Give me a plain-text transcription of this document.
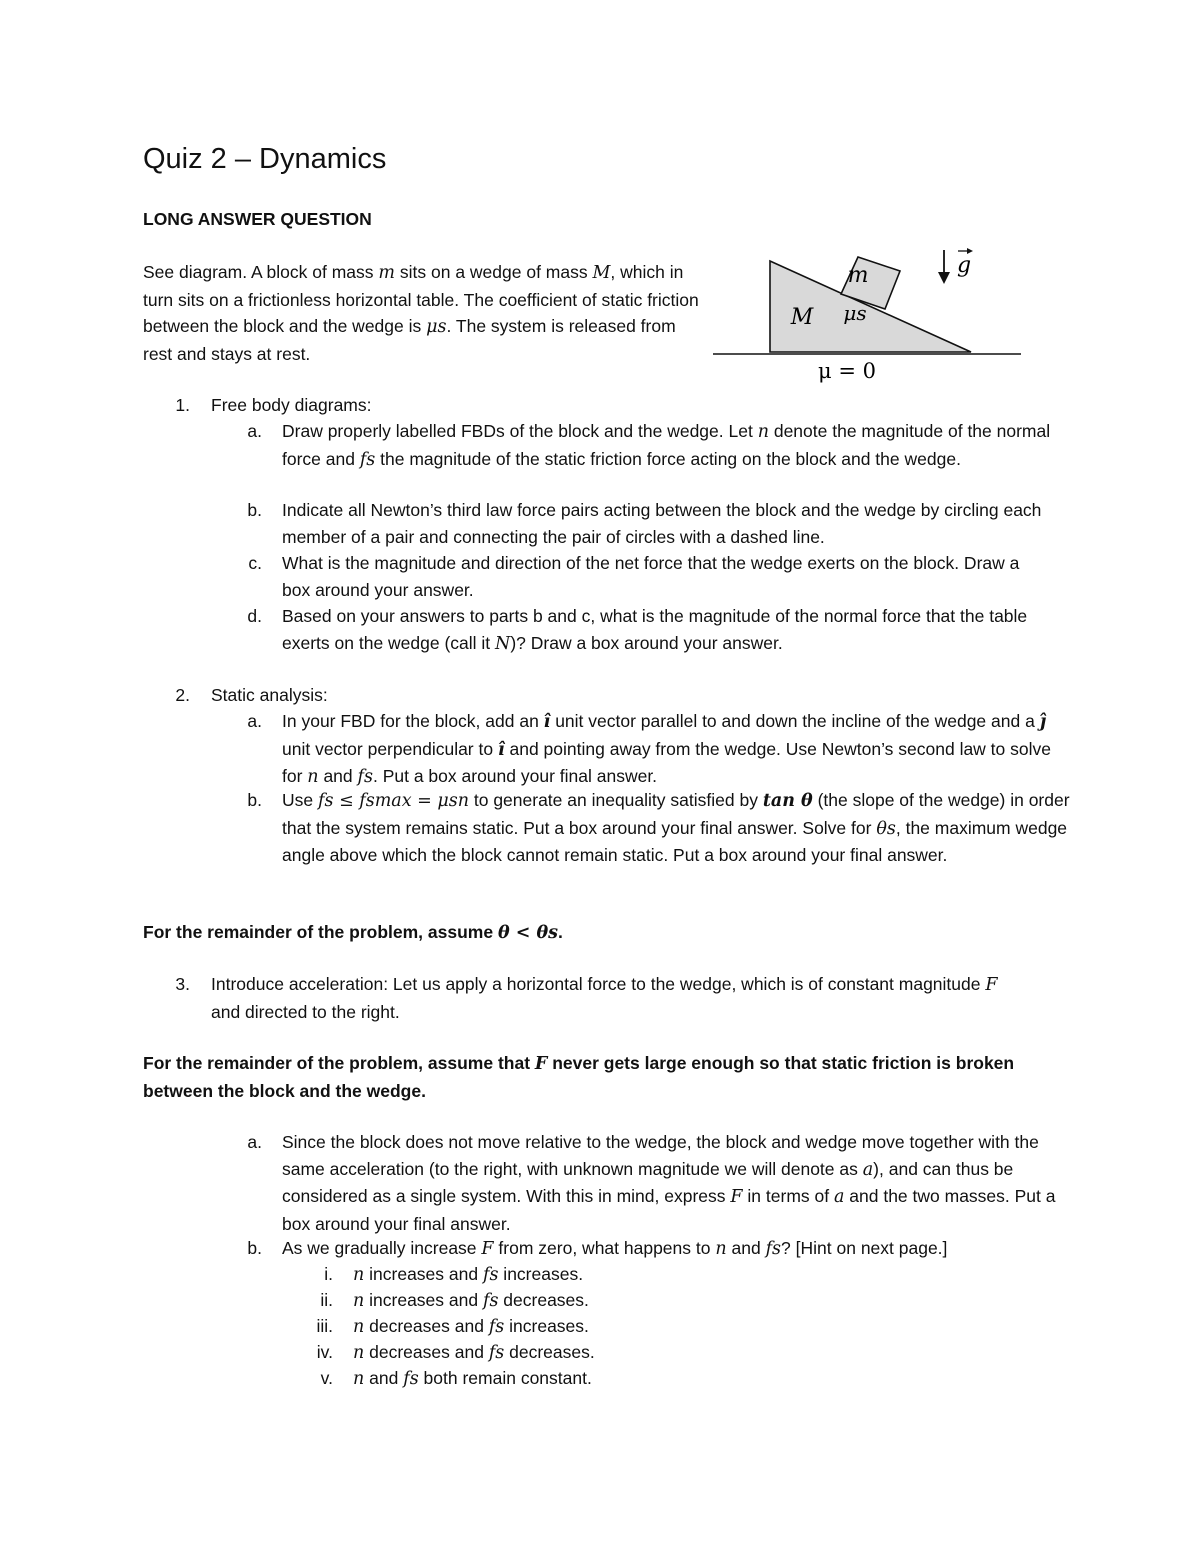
Quiz 2 – Dynamics
LONG ANSWER QUESTION
See diagram. A block of mass m sits on a wedge of mass M, which in turn sits on a frictionless horizontal table. The coefficient of static friction between the block and the wedge is μs. The system is released from rest and stays at rest.
m
M μs
g
μ = 0
1. Free body diagrams:
a. Draw properly labelled FBDs of the block and the wedge. Let n denote the magnitude of the normal force and fs the magnitude of the static friction force acting on the block and the wedge.
b. Indicate all Newton’s third law force pairs acting between the block and the wedge by circling each member of a pair and connecting the pair of circles with a dashed line.
c. What is the magnitude and direction of the net force that the wedge exerts on the block. Draw a box around your answer.
d. Based on your answers to parts b and c, what is the magnitude of the normal force that the table exerts on the wedge (call it N)? Draw a box around your answer.
2. Static analysis:
a. In your FBD for the block, add an î unit vector parallel to and down the incline of the wedge and a ĵ unit vector perpendicular to î and pointing away from the wedge. Use Newton’s second law to solve for n and fs. Put a box around your final answer.
b. Use fs ≤ fsmax = μsn to generate an inequality satisfied by tan θ (the slope of the wedge) in order that the system remains static. Put a box around your final answer. Solve for θs, the maximum wedge angle above which the block cannot remain static. Put a box around your final answer.
For the remainder of the problem, assume θ < θs.
3. Introduce acceleration: Let us apply a horizontal force to the wedge, which is of constant magnitude F and directed to the right.
For the remainder of the problem, assume that F never gets large enough so that static friction is broken between the block and the wedge.
a. Since the block does not move relative to the wedge, the block and wedge move together with the same acceleration (to the right, with unknown magnitude we will denote as a), and can thus be considered as a single system. With this in mind, express F in terms of a and the two masses. Put a box around your final answer.
b. As we gradually increase F from zero, what happens to n and fs? [Hint on next page.]
i. n increases and fs increases.
ii. n increases and fs decreases.
iii. n decreases and fs increases.
iv. n decreases and fs decreases.
v. n and fs both remain constant.
